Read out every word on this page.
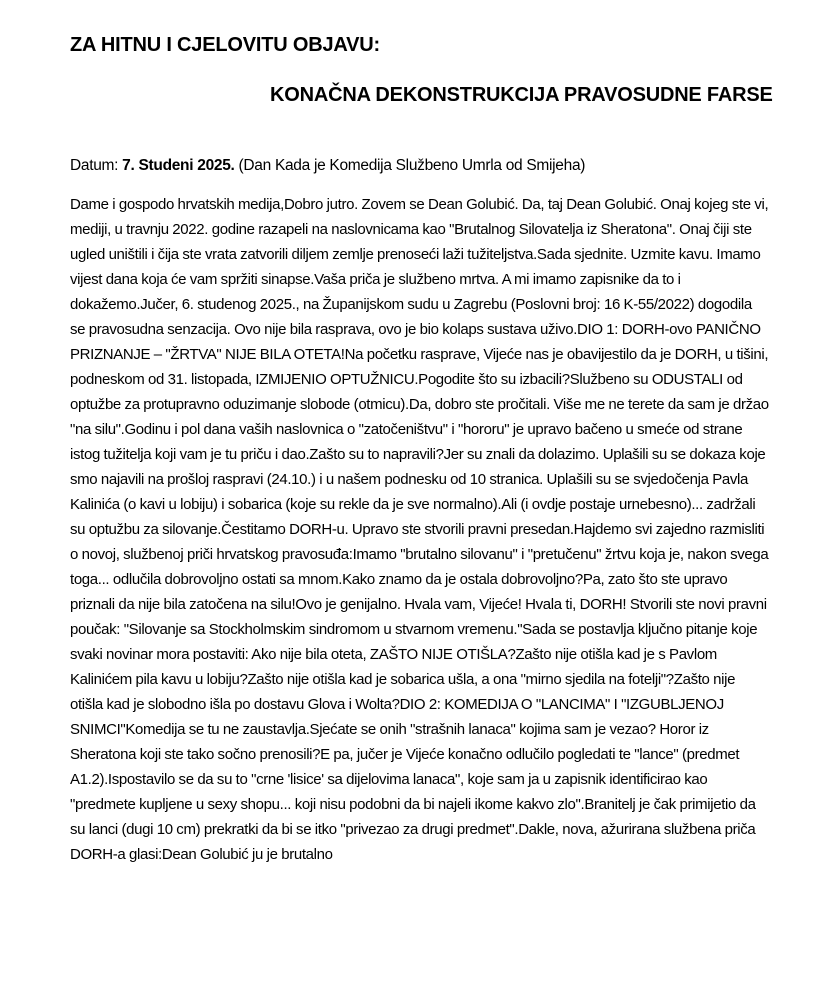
ZA HITNU I CJELOVITU OBJAVU:
KONAČNA DEKONSTRUKCIJA PRAVOSUDNE FARSE

Datum: 7. Studeni 2025. (Dan Kada je Komedija Službeno Umrla od Smijeha)

Dame i gospodo hrvatskih medija,Dobro jutro. Zovem se Dean Golubić. Da, taj Dean Golubić. Onaj kojeg ste vi, mediji, u travnju 2022. godine razapeli na naslovnicama kao "Brutalnog Silovatelja iz Sheratona". Onaj čiji ste ugled uništili i čija ste vrata zatvorili diljem zemlje prenoseći laži tužiteljstva.Sada sjednite. Uzmite kavu. Imamo vijest dana koja će vam spržiti sinapse.Vaša priča je službeno mrtva. A mi imamo zapisnike da to i dokažemo.Jučer, 6. studenog 2025., na Županijskom sudu u Zagrebu (Poslovni broj: 16 K-55/2022) dogodila se pravosudna senzacija. Ovo nije bila rasprava, ovo je bio kolaps sustava uživo.DIO 1: DORH-ovo PANIČNO PRIZNANJE – "ŽRTVA" NIJE BILA OTETA!Na početku rasprave, Vijeće nas je obavijestilo da je DORH, u tišini, podneskom od 31. listopada, IZMIJENIO OPTUŽNICU.Pogodite što su izbacili?Službeno su ODUSTALI od optužbe za protupravno oduzimanje slobode (otmicu).Da, dobro ste pročitali. Više me ne terete da sam je držao "na silu".Godinu i pol dana vaših naslovnica o "zatočeništvu" i "hororu" je upravo bačeno u smeće od strane istog tužitelja koji vam je tu priču i dao.Zašto su to napravili?Jer su znali da dolazimo. Uplašili su se dokaza koje smo najavili na prošloj raspravi (24.10.) i u našem podnesku od 10 stranica. Uplašili su se svjedočenja Pavla Kalinića (o kavi u lobiju) i sobarica (koje su rekle da je sve normalno).Ali (i ovdje postaje urnebesno)... zadržali su optužbu za silovanje.Čestitamo DORH-u. Upravo ste stvorili pravni presedan.Hajdemo svi zajedno razmisliti o novoj, službenoj priči hrvatskog pravosuđa:Imamo "brutalno silovanu" i "pretučenu" žrtvu koja je, nakon svega toga... odlučila dobrovoljno ostati sa mnom.Kako znamo da je ostala dobrovoljno?Pa, zato što ste upravo priznali da nije bila zatočena na silu!Ovo je genijalno. Hvala vam, Vijeće! Hvala ti, DORH! Stvorili ste novi pravni poučak: "Silovanje sa Stockholmskim sindromom u stvarnom vremenu."Sada se postavlja ključno pitanje koje svaki novinar mora postaviti: Ako nije bila oteta, ZAŠTO NIJE OTIŠLA?Zašto nije otišla kad je s Pavlom Kalinićem pila kavu u lobiju?Zašto nije otišla kad je sobarica ušla, a ona "mirno sjedila na fotelji"?Zašto nije otišla kad je slobodno išla po dostavu Glova i Wolta?DIO 2: KOMEDIJA O "LANCIMA" I "IZGUBLJENOJ SNIMCI"Komedija se tu ne zaustavlja.Sjećate se onih "strašnih lanaca" kojima sam je vezao? Horor iz Sheratona koji ste tako sočno prenosili?E pa, jučer je Vijeće konačno odlučilo pogledati te "lance" (predmet A1.2).Ispostavilo se da su to "crne 'lisice' sa dijelovima lanaca", koje sam ja u zapisnik identificirao kao "predmete kupljene u sexy shopu... koji nisu podobni da bi najeli ikome kakvo zlo".Branitelj je čak primijetio da su lanci (dugi 10 cm) prekratki da bi se itko "privezao za drugi predmet".Dakle, nova, ažurirana službena priča DORH-a glasi:Dean Golubić ju je brutalno
